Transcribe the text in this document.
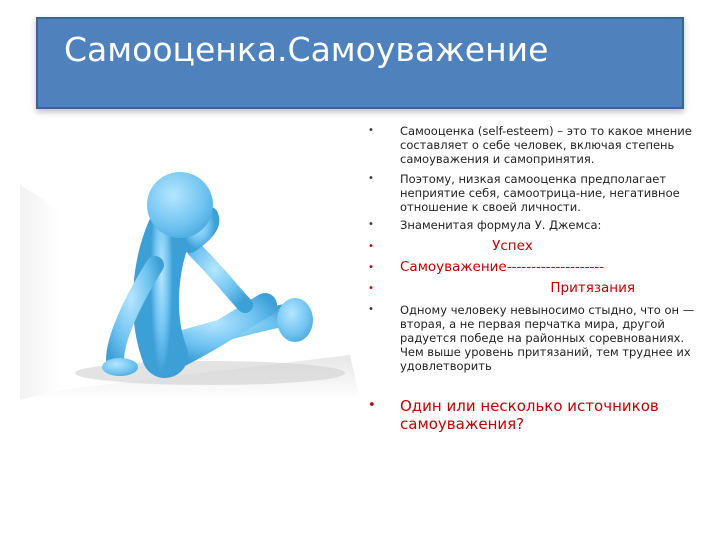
Самооценка.Самоуважение
• Самооценка (self-esteem) – это то какое мнение составляет о себе человек, включая степень самоуважения и самопринятия.
• Поэтому, низкая самооценка предполагает неприятие себя, самоотрица-ние, негативное отношение к своей личности.
• Знаменитая формула У. Джемса:
•	Успех
• Самоуважение--------------------
•	Притязания
• Одному человеку невыносимо стыдно, что он — вторая, а не первая перчатка мира, другой радуется победе на районных соревнованиях. Чем выше уровень притязаний, тем труднее их удовлетворить
• Один или несколько источников самоуважения?
